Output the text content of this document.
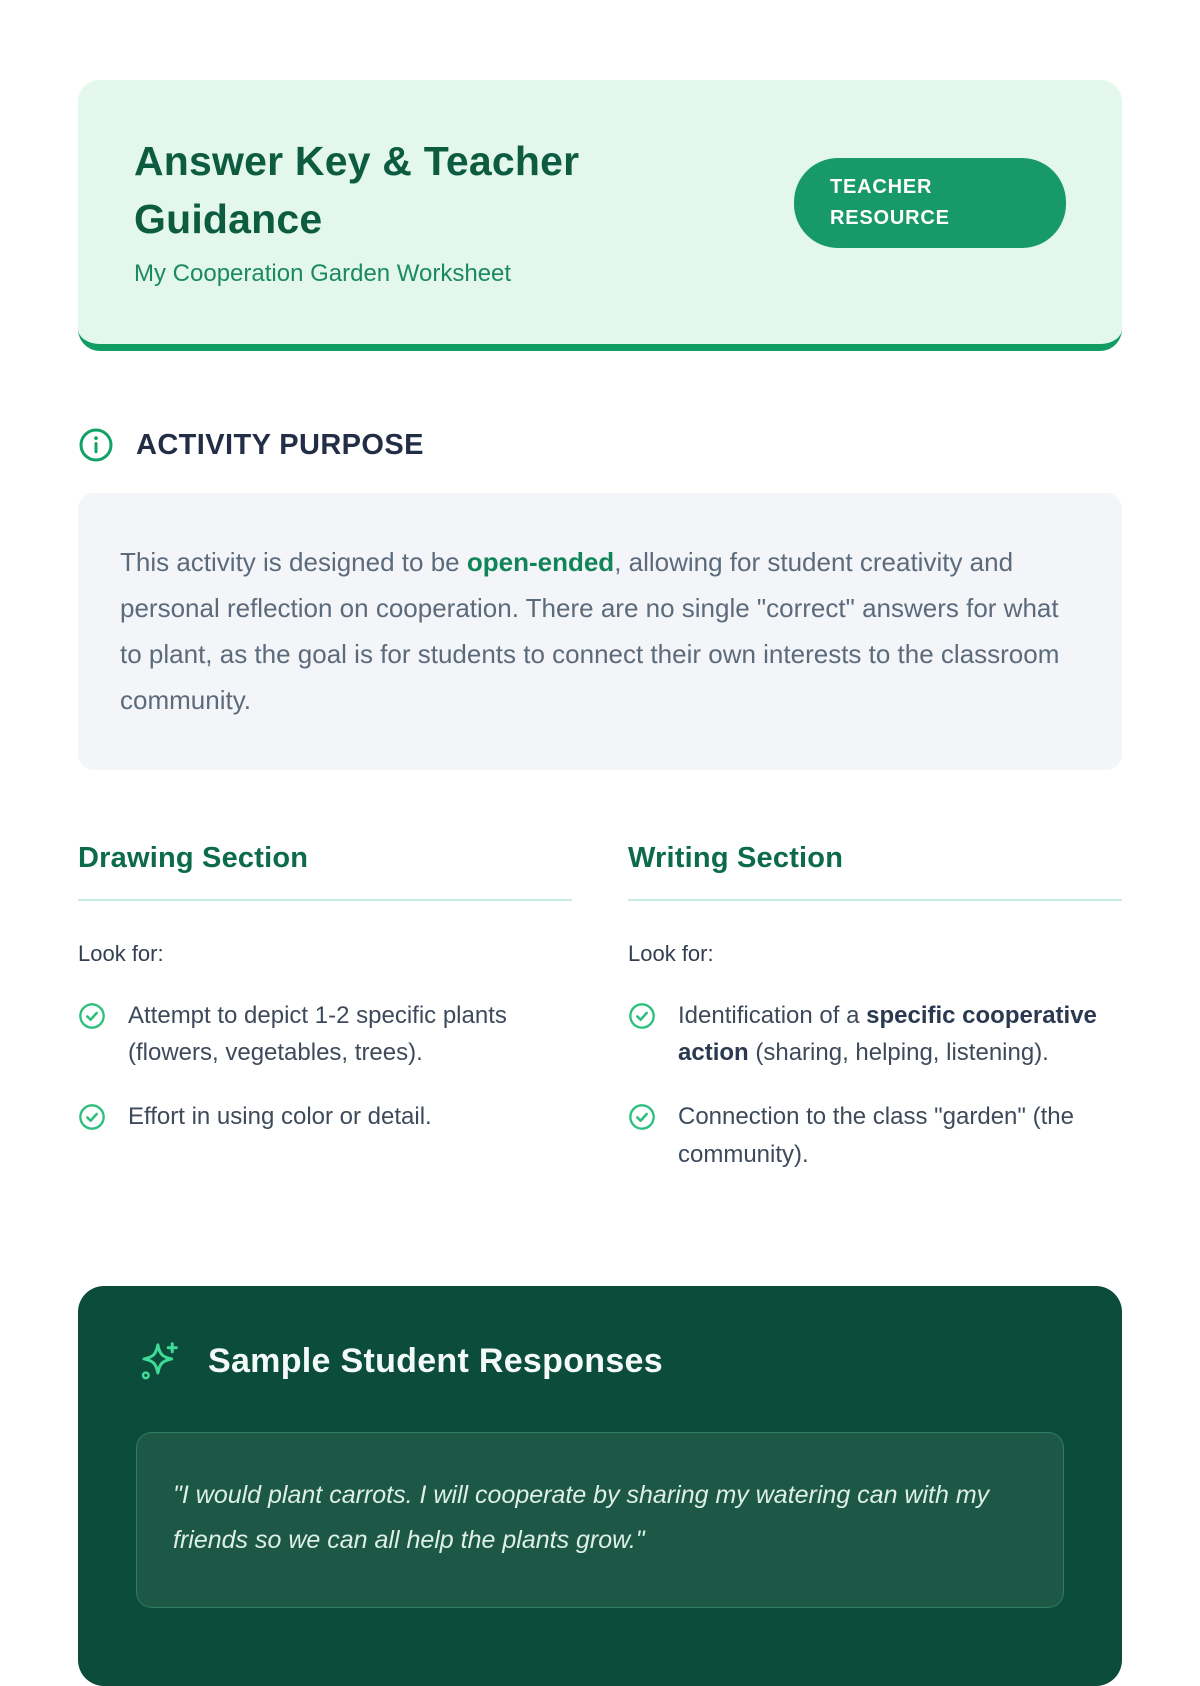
Answer Key & Teacher Guidance
My Cooperation Garden Worksheet
TEACHER RESOURCE
ACTIVITY PURPOSE
This activity is designed to be open-ended, allowing for student creativity and personal reflection on cooperation. There are no single "correct" answers for what to plant, as the goal is for students to connect their own interests to the classroom community.
Drawing Section
Look for:
Attempt to depict 1-2 specific plants (flowers, vegetables, trees).
Effort in using color or detail.
Writing Section
Look for:
Identification of a specific cooperative action (sharing, helping, listening).
Connection to the class "garden" (the community).
Sample Student Responses
"I would plant carrots. I will cooperate by sharing my watering can with my friends so we can all help the plants grow."
